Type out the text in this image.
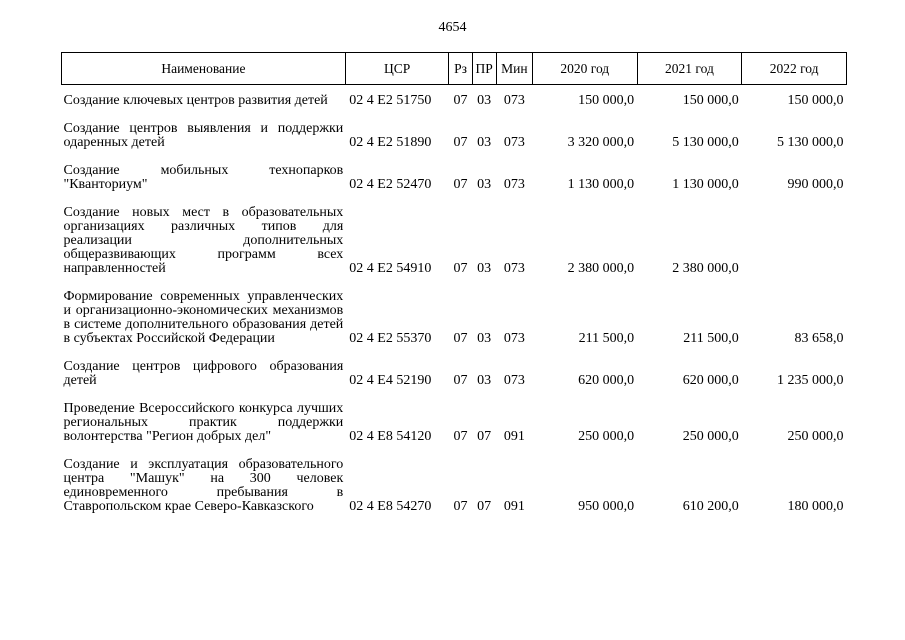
4654
Наименование	ЦСР	Рз	ПР	Мин	2020 год	2021 год	2022 год
Создание ключевых центров развития детей	02 4 E2 51750	07	03	073	150 000,0	150 000,0	150 000,0
Создание центров выявления и поддержки одаренных детей	02 4 E2 51890	07	03	073	3 320 000,0	5 130 000,0	5 130 000,0
Создание мобильных технопарков "Кванториум"	02 4 E2 52470	07	03	073	1 130 000,0	1 130 000,0	990 000,0
Создание новых мест в образовательных организациях различных типов для реализации дополнительных общеразвивающих программ всех направленностей	02 4 E2 54910	07	03	073	2 380 000,0	2 380 000,0	
Формирование современных управленческих и организационно-экономических механизмов в системе дополнительного образования детей в субъектах Российской Федерации	02 4 E2 55370	07	03	073	211 500,0	211 500,0	83 658,0
Создание центров цифрового образования детей	02 4 E4 52190	07	03	073	620 000,0	620 000,0	1 235 000,0
Проведение Всероссийского конкурса лучших региональных практик поддержки волонтерства "Регион добрых дел"	02 4 E8 54120	07	07	091	250 000,0	250 000,0	250 000,0
Создание и эксплуатация образовательного центра "Машук" на 300 человек единовременного пребывания в Ставропольском крае Северо-Кавказского	02 4 E8 54270	07	07	091	950 000,0	610 200,0	180 000,0
